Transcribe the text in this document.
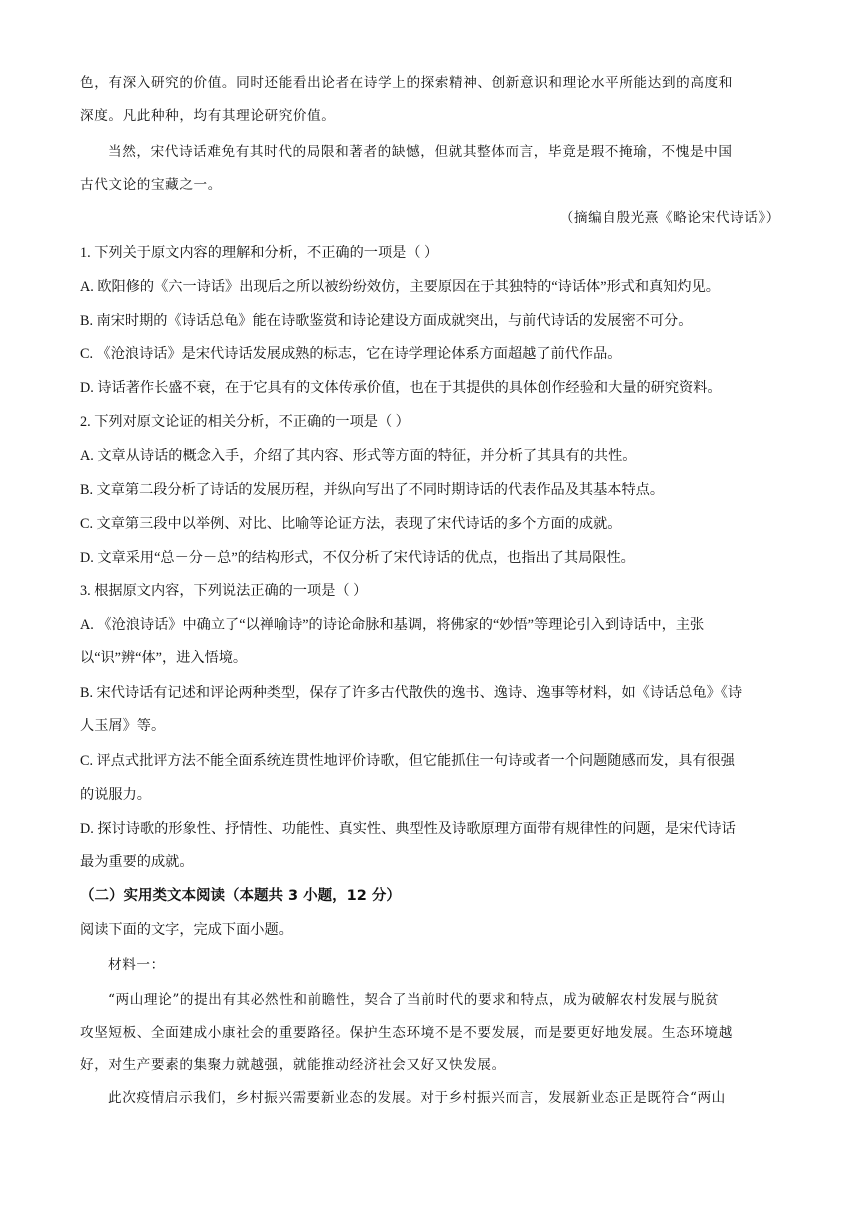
色，有深入研究的价值。同时还能看出论者在诗学上的探索精神、创新意识和理论水平所能达到的高度和
深度。凡此种种，均有其理论研究价值。
当然，宋代诗话难免有其时代的局限和著者的缺憾，但就其整体而言，毕竟是瑕不掩瑜，不愧是中国
古代文论的宝藏之一。
（摘编自殷光熹《略论宋代诗话》）
1. 下列关于原文内容的理解和分析，不正确的一项是（ ）
A. 欧阳修的《六一诗话》出现后之所以被纷纷效仿，主要原因在于其独特的“诗话体”形式和真知灼见。
B. 南宋时期的《诗话总龟》能在诗歌鉴赏和诗论建设方面成就突出，与前代诗话的发展密不可分。
C. 《沧浪诗话》是宋代诗话发展成熟的标志，它在诗学理论体系方面超越了前代作品。
D. 诗话著作长盛不衰，在于它具有的文体传承价值，也在于其提供的具体创作经验和大量的研究资料。
2. 下列对原文论证的相关分析，不正确的一项是（ ）
A. 文章从诗话的概念入手，介绍了其内容、形式等方面的特征，并分析了其具有的共性。
B. 文章第二段分析了诗话的发展历程，并纵向写出了不同时期诗话的代表作品及其基本特点。
C. 文章第三段中以举例、对比、比喻等论证方法，表现了宋代诗话的多个方面的成就。
D. 文章采用“总－分－总”的结构形式，不仅分析了宋代诗话的优点，也指出了其局限性。
3. 根据原文内容，下列说法正确的一项是（ ）
A. 《沧浪诗话》中确立了“以禅喻诗”的诗论命脉和基调，将佛家的“妙悟”等理论引入到诗话中，主张
以“识”辨“体”，进入悟境。
B. 宋代诗话有记述和评论两种类型，保存了许多古代散佚的逸书、逸诗、逸事等材料，如《诗话总龟》《诗
人玉屑》等。
C. 评点式批评方法不能全面系统连贯性地评价诗歌，但它能抓住一句诗或者一个问题随感而发，具有很强
的说服力。
D. 探讨诗歌的形象性、抒情性、功能性、真实性、典型性及诗歌原理方面带有规律性的问题，是宋代诗话
最为重要的成就。
（二）实用类文本阅读（本题共 3 小题，12 分）
阅读下面的文字，完成下面小题。
材料一：
“两山理论”的提出有其必然性和前瞻性，契合了当前时代的要求和特点，成为破解农村发展与脱贫
攻坚短板、全面建成小康社会的重要路径。保护生态环境不是不要发展，而是要更好地发展。生态环境越
好，对生产要素的集聚力就越强，就能推动经济社会又好又快发展。
此次疫情启示我们，乡村振兴需要新业态的发展。对于乡村振兴而言，发展新业态正是既符合“两山
